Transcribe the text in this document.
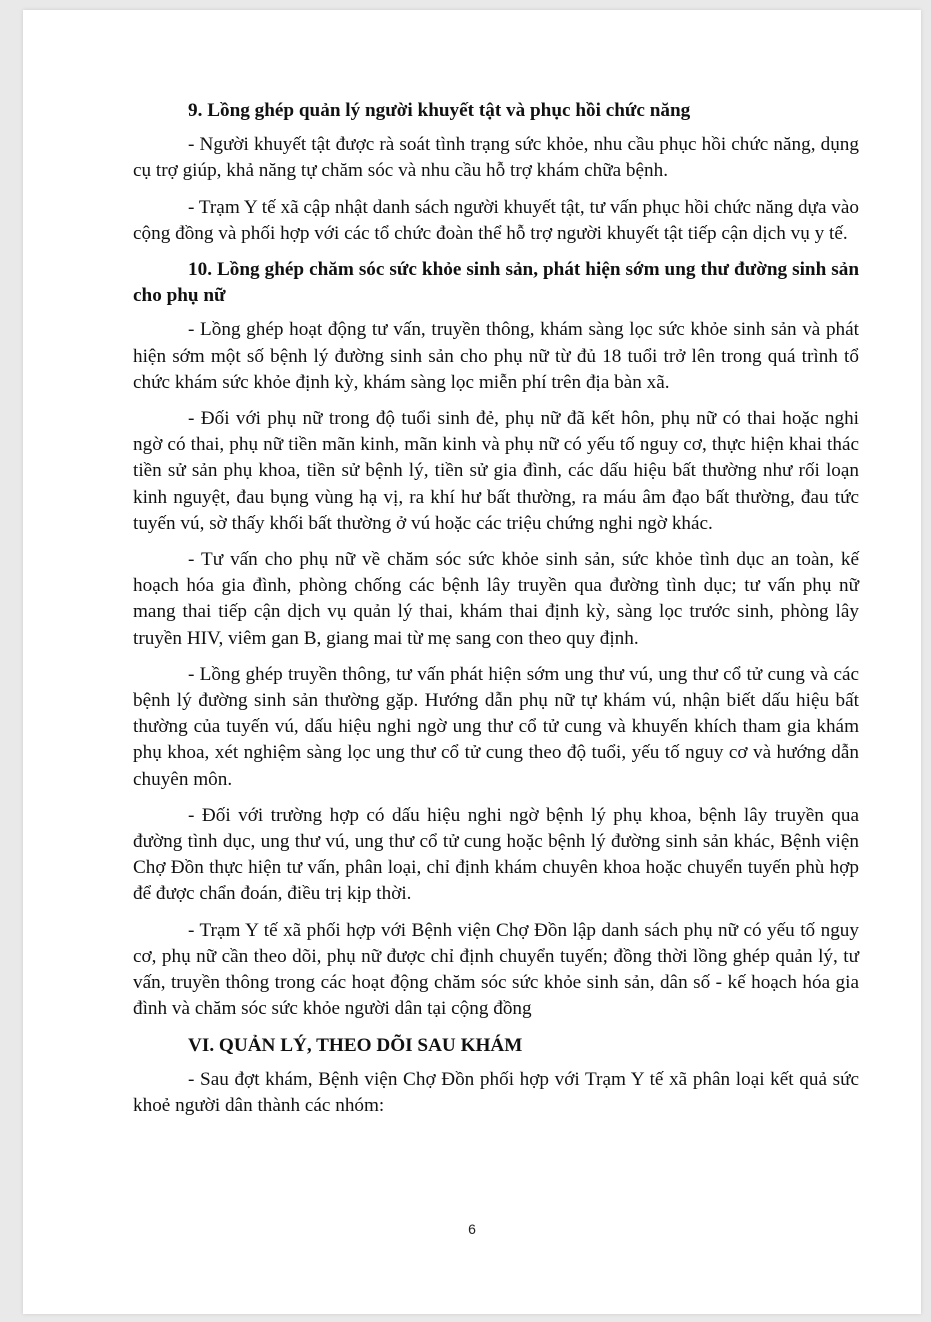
9. Lồng ghép quản lý người khuyết tật và phục hồi chức năng

- Người khuyết tật được rà soát tình trạng sức khỏe, nhu cầu phục hồi chức năng, dụng cụ trợ giúp, khả năng tự chăm sóc và nhu cầu hỗ trợ khám chữa bệnh.

- Trạm Y tế xã cập nhật danh sách người khuyết tật, tư vấn phục hồi chức năng dựa vào cộng đồng và phối hợp với các tổ chức đoàn thể hỗ trợ người khuyết tật tiếp cận dịch vụ y tế.

10. Lồng ghép chăm sóc sức khỏe sinh sản, phát hiện sớm ung thư đường sinh sản cho phụ nữ

- Lồng ghép hoạt động tư vấn, truyền thông, khám sàng lọc sức khỏe sinh sản và phát hiện sớm một số bệnh lý đường sinh sản cho phụ nữ từ đủ 18 tuổi trở lên trong quá trình tổ chức khám sức khỏe định kỳ, khám sàng lọc miễn phí trên địa bàn xã.

- Đối với phụ nữ trong độ tuổi sinh đẻ, phụ nữ đã kết hôn, phụ nữ có thai hoặc nghi ngờ có thai, phụ nữ tiền mãn kinh, mãn kinh và phụ nữ có yếu tố nguy cơ, thực hiện khai thác tiền sử sản phụ khoa, tiền sử bệnh lý, tiền sử gia đình, các dấu hiệu bất thường như rối loạn kinh nguyệt, đau bụng vùng hạ vị, ra khí hư bất thường, ra máu âm đạo bất thường, đau tức tuyến vú, sờ thấy khối bất thường ở vú hoặc các triệu chứng nghi ngờ khác.

- Tư vấn cho phụ nữ về chăm sóc sức khỏe sinh sản, sức khỏe tình dục an toàn, kế hoạch hóa gia đình, phòng chống các bệnh lây truyền qua đường tình dục; tư vấn phụ nữ mang thai tiếp cận dịch vụ quản lý thai, khám thai định kỳ, sàng lọc trước sinh, phòng lây truyền HIV, viêm gan B, giang mai từ mẹ sang con theo quy định.

- Lồng ghép truyền thông, tư vấn phát hiện sớm ung thư vú, ung thư cổ tử cung và các bệnh lý đường sinh sản thường gặp. Hướng dẫn phụ nữ tự khám vú, nhận biết dấu hiệu bất thường của tuyến vú, dấu hiệu nghi ngờ ung thư cổ tử cung và khuyến khích tham gia khám phụ khoa, xét nghiệm sàng lọc ung thư cổ tử cung theo độ tuổi, yếu tố nguy cơ và hướng dẫn chuyên môn.

- Đối với trường hợp có dấu hiệu nghi ngờ bệnh lý phụ khoa, bệnh lây truyền qua đường tình dục, ung thư vú, ung thư cổ tử cung hoặc bệnh lý đường sinh sản khác, Bệnh viện Chợ Đồn thực hiện tư vấn, phân loại, chỉ định khám chuyên khoa hoặc chuyển tuyến phù hợp để được chẩn đoán, điều trị kịp thời.

- Trạm Y tế xã phối hợp với Bệnh viện Chợ Đồn lập danh sách phụ nữ có yếu tố nguy cơ, phụ nữ cần theo dõi, phụ nữ được chỉ định chuyển tuyến; đồng thời lồng ghép quản lý, tư vấn, truyền thông trong các hoạt động chăm sóc sức khỏe sinh sản, dân số - kế hoạch hóa gia đình và chăm sóc sức khỏe người dân tại cộng đồng

VI. QUẢN LÝ, THEO DÕI SAU KHÁM

- Sau đợt khám, Bệnh viện Chợ Đồn phối hợp với Trạm Y tế xã phân loại kết quả sức khoẻ người dân thành các nhóm:

6
